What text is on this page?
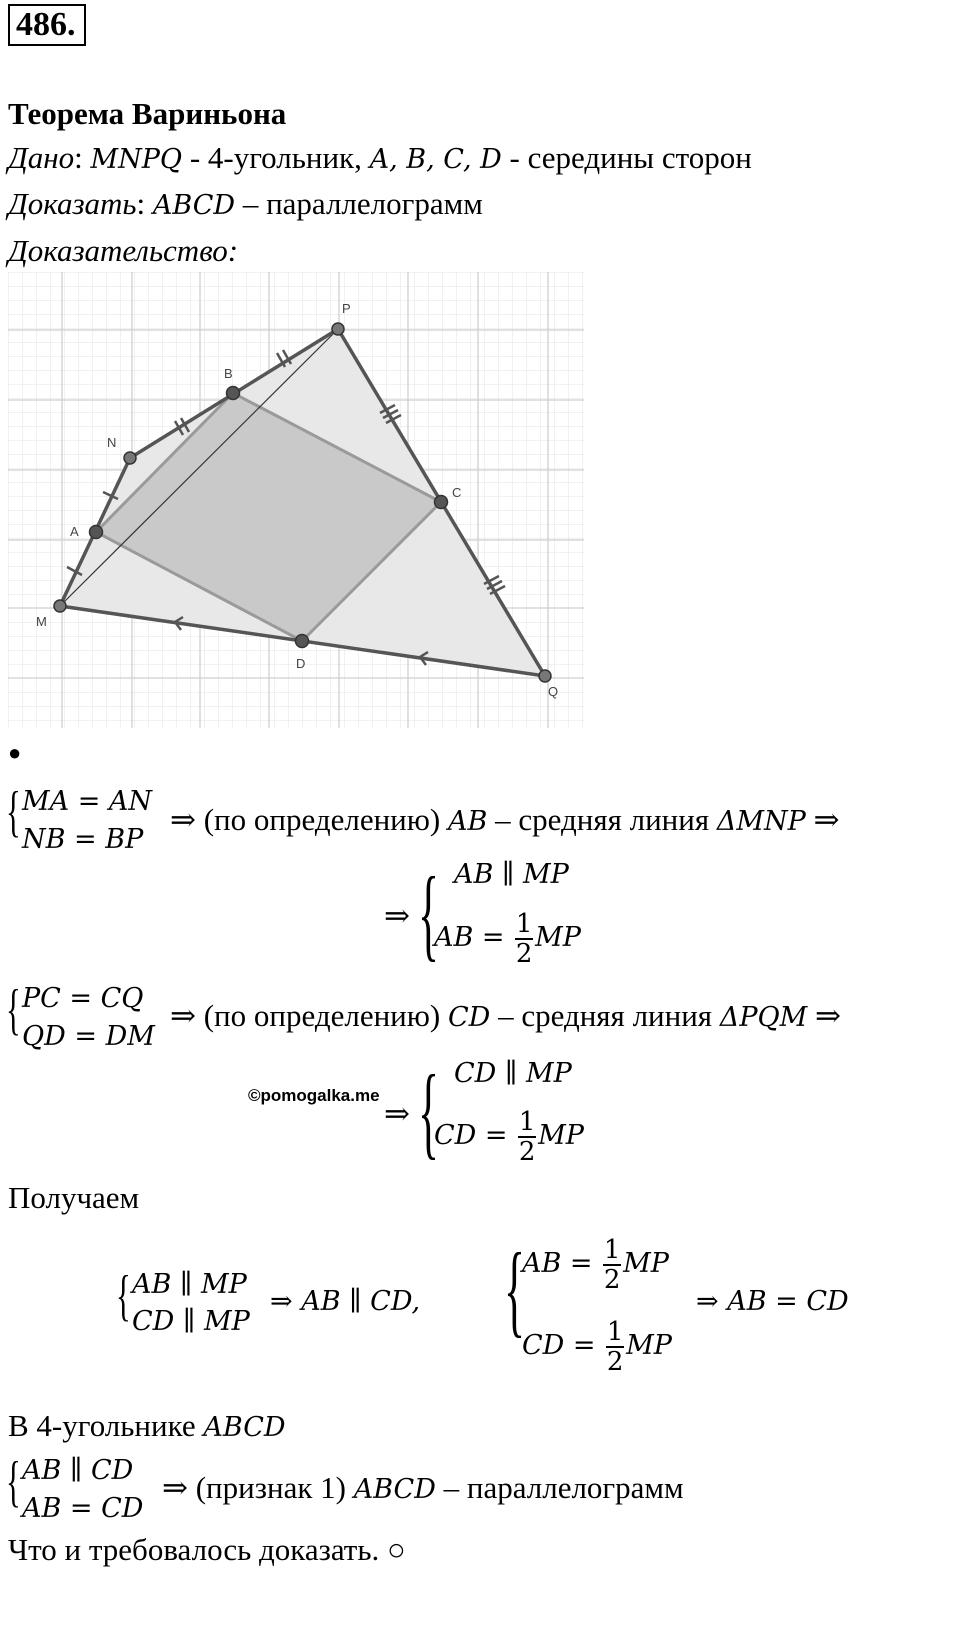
486.
Теорема Вариньона
Дано: MNPQ - 4-угольник, A, B, C, D - середины сторон
Доказать: ABCD – параллелограмм
Доказательство:
P
B
N
C
A
M
D
Q
●
{ MA = AN
NB = BP
⇒ (по определению) AB – средняя линия ΔMNP ⇒
⇒ { AB ∥ MP
AB = $\frac{1}{2}$ MP
{ PC = CQ
QD = DM
⇒ (по определению) CD – средняя линия ΔPQM ⇒
©pomogalka.me
⇒ { CD ∥ MP
CD = $\frac{1}{2}$ MP
Получаем
{ AB ∥ MP
CD ∥ MP
⇒ AB ∥ CD, {
AB = $\frac{1}{2}$ MP
CD = $\frac{1}{2}$ MP
⇒ AB = CD
В 4-угольнике ABCD
{ AB ∥ CD
AB = CD
⇒ (признак 1) ABCD – параллелограмм
Что и требовалось доказать. ○
